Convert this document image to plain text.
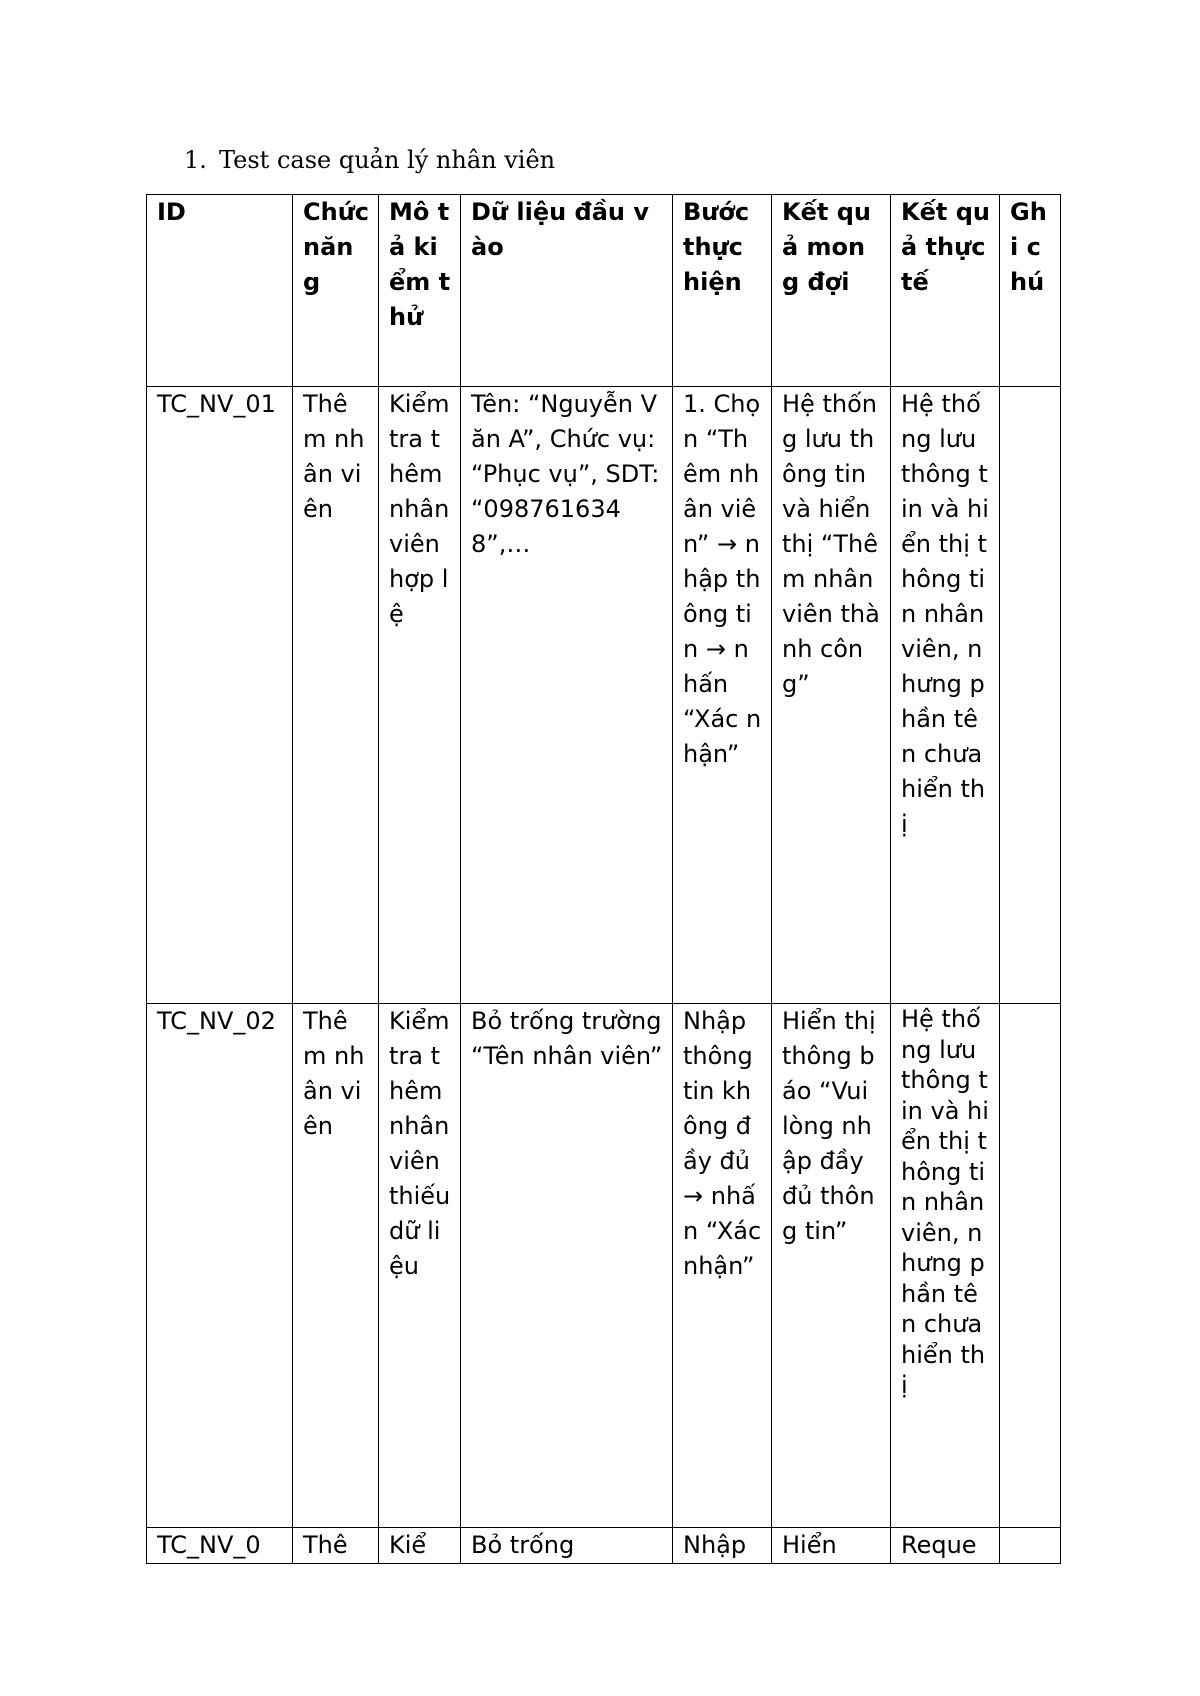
1. Test case quản lý nhân viên
ID	Chức năng	Mô tả kiểm thử	Dữ liệu đầu vào	Bước thực hiện	Kết quả mong đợi	Kết quả thực tế	Ghi chú
TC_NV_01	Thêm nhân viên	Kiểm tra thêm nhân viên hợp lệ	Tên: “Nguyễn Văn A”, Chức vụ: “Phục vụ”, SDT: “0987616348”,…	1. Chọn “Thêm nhân viên” → nhập thông tin → nhấn “Xác nhận”	Hệ thống lưu thông tin và hiển thị “Thêm nhân viên thành công”	Hệ thống lưu thông tin và hiển thị thông tin nhân viên, nhưng phần tên chưa hiển thị	
TC_NV_02	Thêm nhân viên	Kiểm tra thêm nhân viên thiếu dữ liệu	Bỏ trống trường “Tên nhân viên”	Nhập thông tin không đầy đủ → nhấn “Xác nhận”	Hiển thị thông báo “Vui lòng nhập đầy đủ thông tin”	Hệ thống lưu thông tin và hiển thị thông tin nhân viên, nhưng phần tên chưa hiển thị	
TC_NV_0	Thê	Kiể	Bỏ trống	Nhập	Hiển	Reque	
